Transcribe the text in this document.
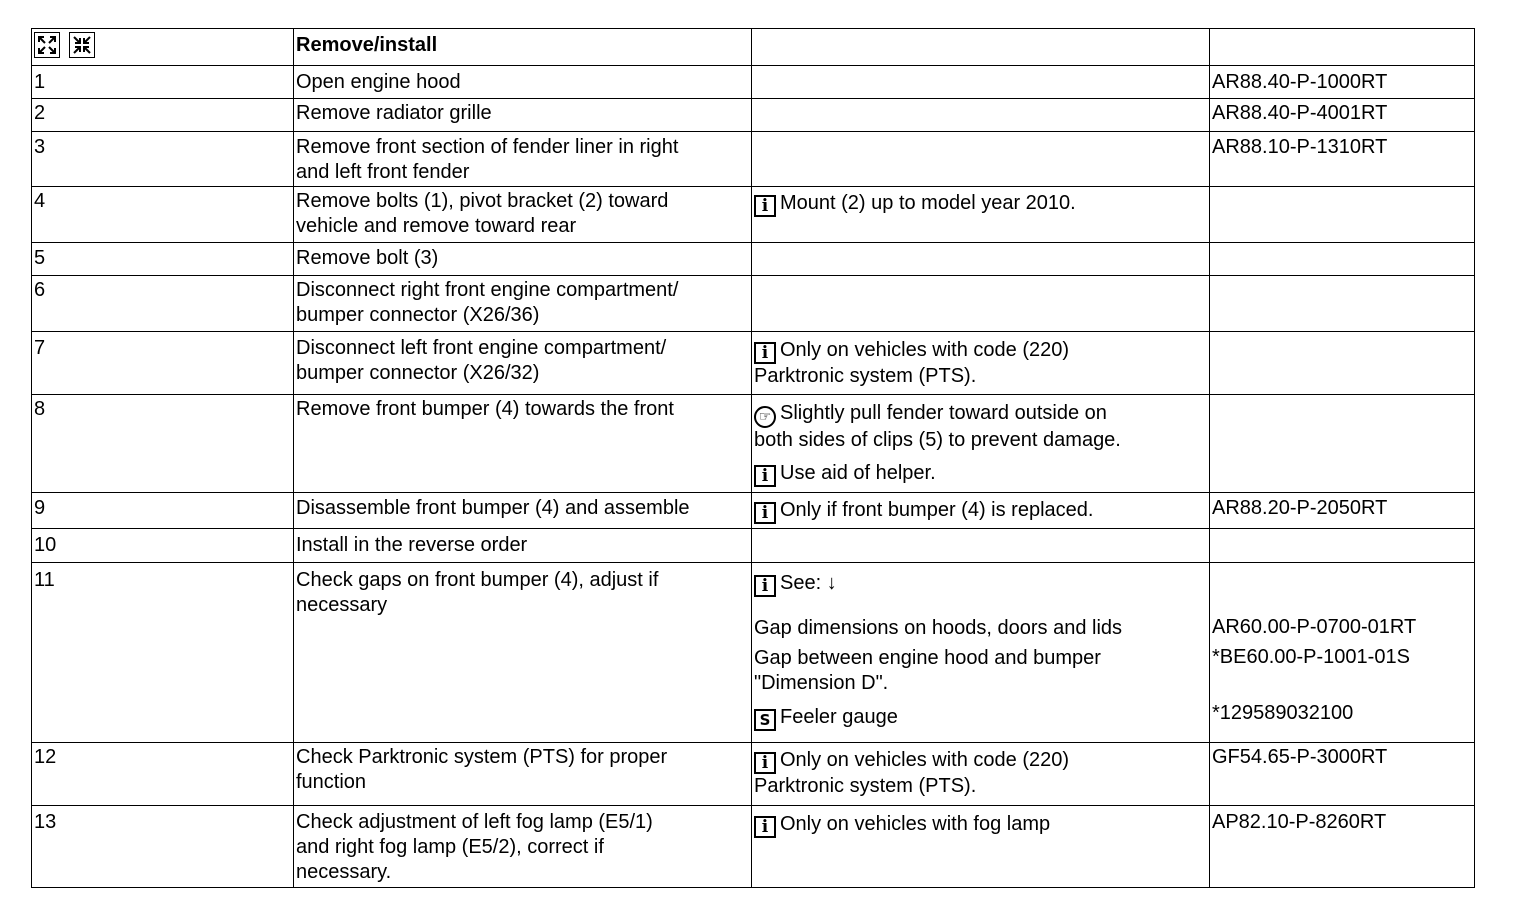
	Remove/install		
1	Open engine hood		AR88.40-P-1000RT
2	Remove radiator grille		AR88.40-P-4001RT
3	Remove front section of fender liner in right
and left front fender		AR88.10-P-1310RT
4	Remove bolts (1), pivot bracket (2) toward
vehicle and remove toward rear	i Mount (2) up to model year 2010.	
5	Remove bolt (3)		
6	Disconnect right front engine compartment/
bumper connector (X26/36)		

7	Disconnect left front engine compartment/
bumper connector (X26/32)	i Only on vehicles with code (220)
Parktronic system (PTS).	

8	Remove front bumper (4) towards the front	☞ Slightly pull fender toward outside on
both sides of clips (5) to prevent damage.
i Use aid of helper.	

9	Disassemble front bumper (4) and assemble	i Only if front bumper (4) is replaced.	AR88.20-P-2050RT
10	Install in the reverse order		
11	Check gaps on front bumper (4), adjust if
necessary	i See: ↓
Gap dimensions on hoods, doors and lids
Gap between engine hood and bumper
"Dimension D".
S Feeler gauge	AR60.00-P-0700-01RT
*BE60.00-P-1001-01S
*129589032100

12	Check Parktronic system (PTS) for proper
function	i Only on vehicles with code (220)
Parktronic system (PTS).	GF54.65-P-3000RT
13	Check adjustment of left fog lamp (E5/1)
and right fog lamp (E5/2), correct if
necessary.	i Only on vehicles with fog lamp	AP82.10-P-8260RT
